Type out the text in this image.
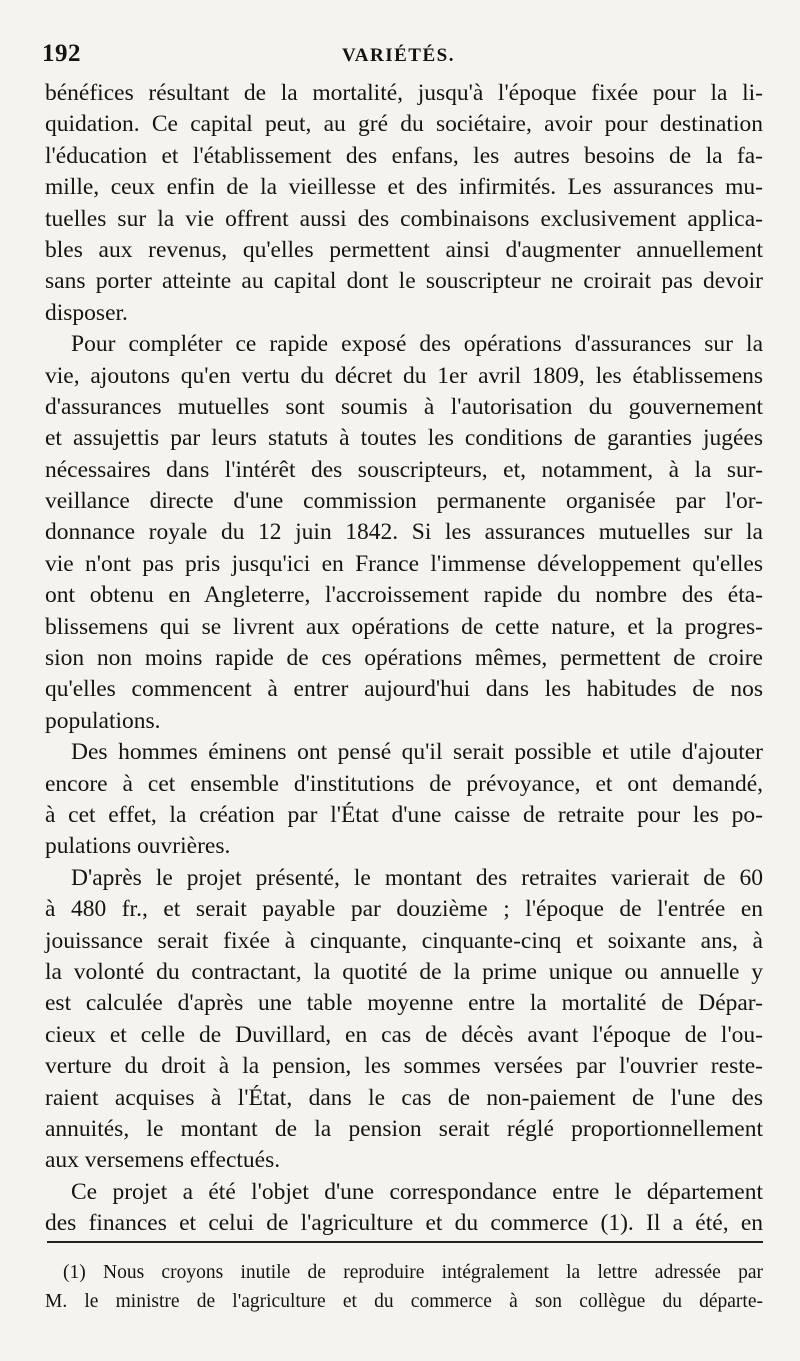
192	VARIÉTÉS.
bénéfices résultant de la mortalité, jusqu'à l'époque fixée pour la li-
quidation. Ce capital peut, au gré du sociétaire, avoir pour destination
l'éducation et l'établissement des enfans, les autres besoins de la fa-
mille, ceux enfin de la vieillesse et des infirmités. Les assurances mu-
tuelles sur la vie offrent aussi des combinaisons exclusivement applica-
bles aux revenus, qu'elles permettent ainsi d'augmenter annuellement
sans porter atteinte au capital dont le souscripteur ne croirait pas devoir
disposer.
Pour compléter ce rapide exposé des opérations d'assurances sur la
vie, ajoutons qu'en vertu du décret du 1er avril 1809, les établissemens
d'assurances mutuelles sont soumis à l'autorisation du gouvernement
et assujettis par leurs statuts à toutes les conditions de garanties jugées
nécessaires dans l'intérêt des souscripteurs, et, notamment, à la sur-
veillance directe d'une commission permanente organisée par l'or-
donnance royale du 12 juin 1842. Si les assurances mutuelles sur la
vie n'ont pas pris jusqu'ici en France l'immense développement qu'elles
ont obtenu en Angleterre, l'accroissement rapide du nombre des éta-
blissemens qui se livrent aux opérations de cette nature, et la progres-
sion non moins rapide de ces opérations mêmes, permettent de croire
qu'elles commencent à entrer aujourd'hui dans les habitudes de nos
populations.
Des hommes éminens ont pensé qu'il serait possible et utile d'ajouter
encore à cet ensemble d'institutions de prévoyance, et ont demandé,
à cet effet, la création par l'État d'une caisse de retraite pour les po-
pulations ouvrières.
D'après le projet présenté, le montant des retraites varierait de 60
à 480 fr., et serait payable par douzième ; l'époque de l'entrée en
jouissance serait fixée à cinquante, cinquante-cinq et soixante ans, à
la volonté du contractant, la quotité de la prime unique ou annuelle y
est calculée d'après une table moyenne entre la mortalité de Dépar-
cieux et celle de Duvillard, en cas de décès avant l'époque de l'ou-
verture du droit à la pension, les sommes versées par l'ouvrier reste-
raient acquises à l'État, dans le cas de non-paiement de l'une des
annuités, le montant de la pension serait réglé proportionnellement
aux versemens effectués.
Ce projet a été l'objet d'une correspondance entre le département
des finances et celui de l'agriculture et du commerce (1). Il a été, en
(1) Nous croyons inutile de reproduire intégralement la lettre adressée par
M. le ministre de l'agriculture et du commerce à son collègue du départe-
